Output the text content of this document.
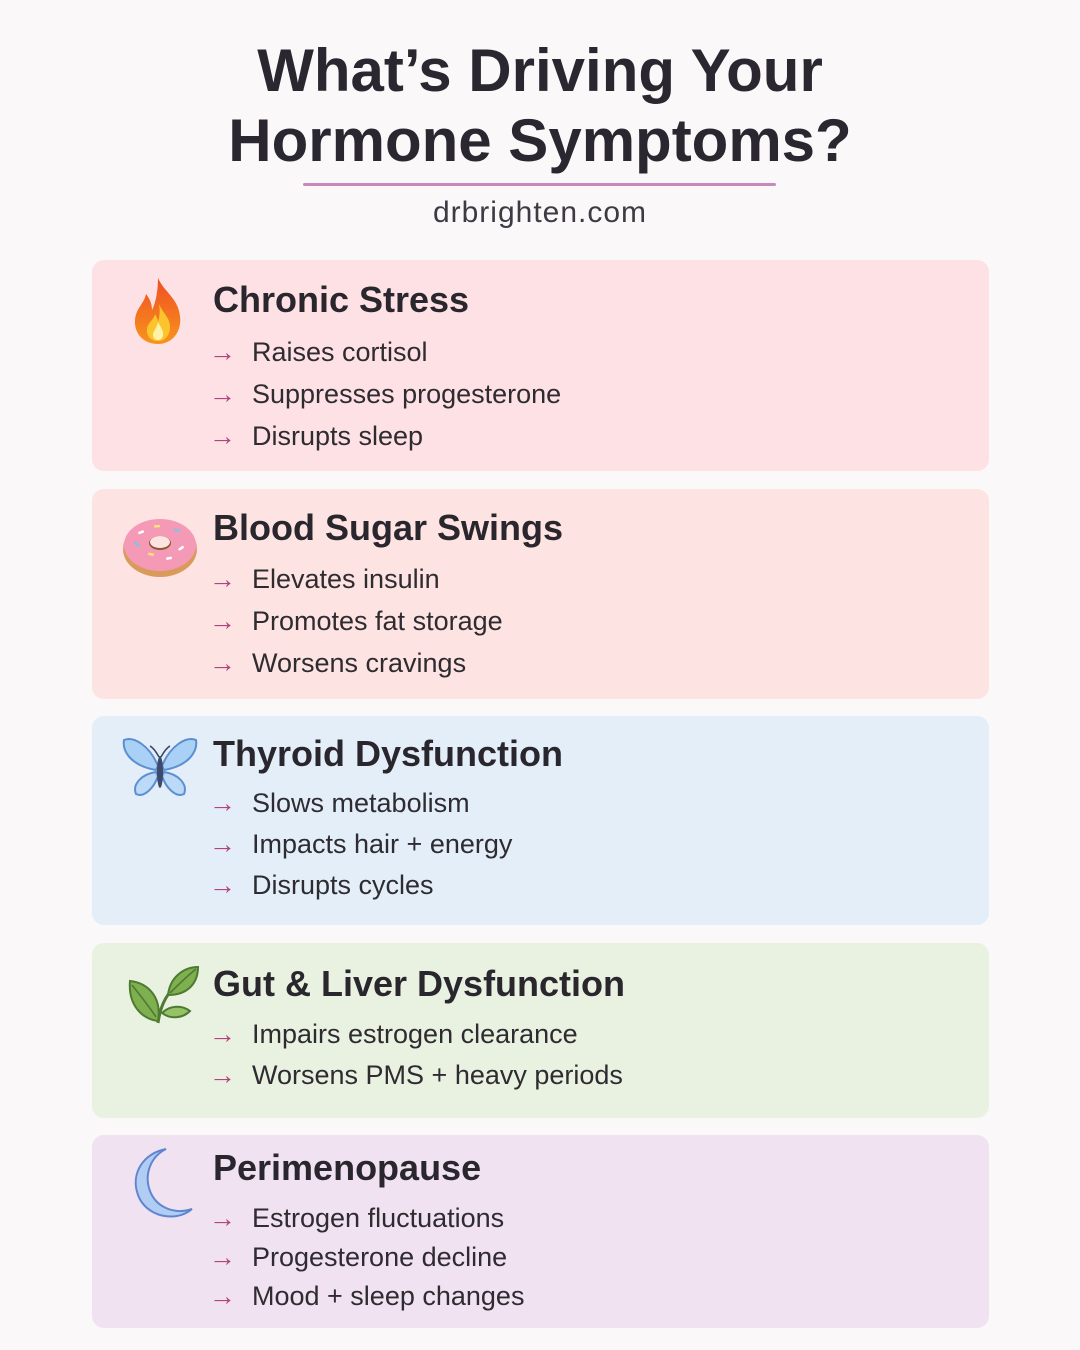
What’s Driving Your
Hormone Symptoms?
drbrighten.com
Chronic Stress
→ Raises cortisol
→ Suppresses progesterone
→ Disrupts sleep
Blood Sugar Swings
→ Elevates insulin
→ Promotes fat storage
→ Worsens cravings
Thyroid Dysfunction
→ Slows metabolism
→ Impacts hair + energy
→ Disrupts cycles
Gut & Liver Dysfunction
→ Impairs estrogen clearance
→ Worsens PMS + heavy periods
Perimenopause
→ Estrogen fluctuations
→ Progesterone decline
→ Mood + sleep changes
